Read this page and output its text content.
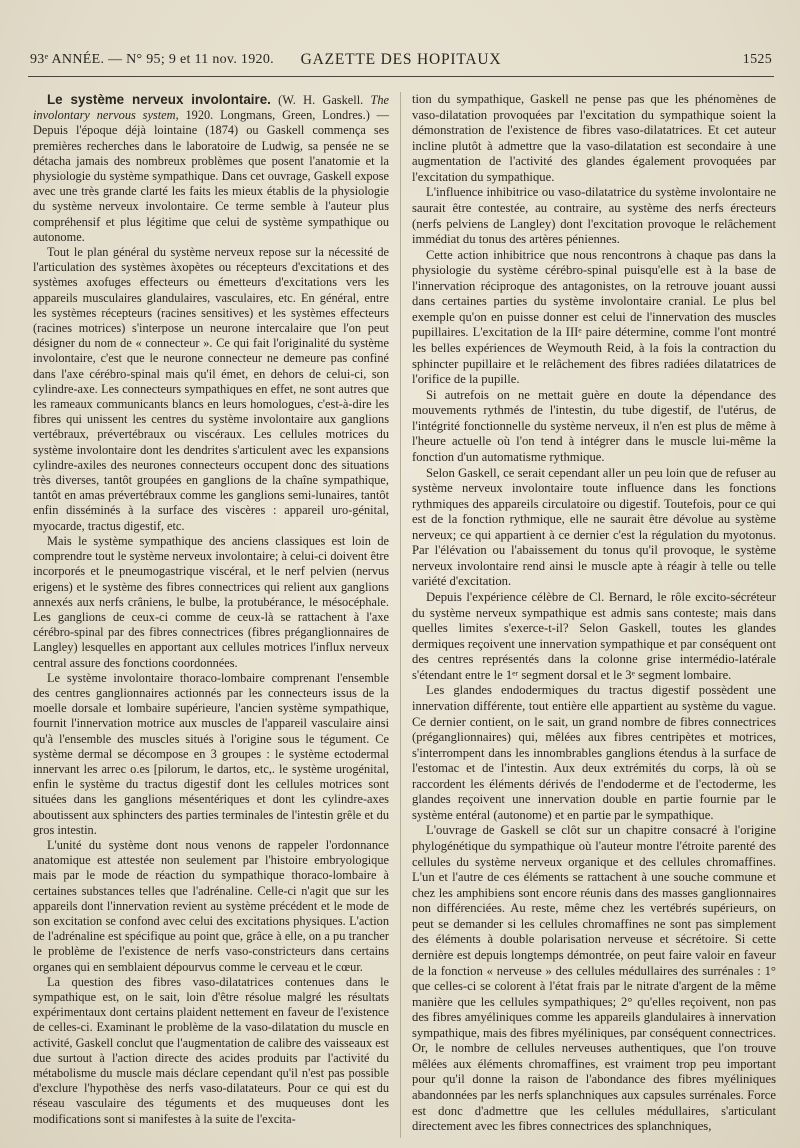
93ᵉ ANNÉE. — N° 95; 9 et 11 nov. 1920.	GAZETTE DES HOPITAUX	1525

Le système nerveux involontaire. (W. H. Gaskell. The involontary nervous system, 1920. Longmans, Green, Londres.) — Depuis l'époque déjà lointaine (1874) ou Gaskell commença ses premières recherches dans le laboratoire de Ludwig, sa pensée ne se détacha jamais des nombreux problèmes que posent l'anatomie et la physiologie du système sympathique. Dans cet ouvrage, Gaskell expose avec une très grande clarté les faits les mieux établis de la physiologie du système nerveux involontaire. Ce terme semble à l'auteur plus compréhensif et plus légitime que celui de système sympathique ou autonome.

Tout le plan général du système nerveux repose sur la nécessité de l'articulation des systèmes àxopètes ou récepteurs d'excitations et des systèmes axofuges effecteurs ou émetteurs d'excitations vers les appareils musculaires glandulaires, vasculaires, etc. En général, entre les systèmes récepteurs (racines sensitives) et les systèmes effecteurs (racines motrices) s'interpose un neurone intercalaire que l'on peut désigner du nom de « connecteur ». Ce qui fait l'originalité du système involontaire, c'est que le neurone connecteur ne demeure pas confiné dans l'axe cérébro-spinal mais qu'il émet, en dehors de celui-ci, son cylindre-axe. Les connecteurs sympathiques en effet, ne sont autres que les rameaux communicants blancs en leurs homologues, c'est-à-dire les fibres qui unissent les centres du système involontaire aux ganglions vertébraux, prévertébraux ou viscéraux. Les cellules motrices du système involontaire dont les dendrites s'articulent avec les expansions cylindre-axiles des neurones connecteurs occupent donc des situations très diverses, tantôt groupées en ganglions de la chaîne sympathique, tantôt en amas prévertébraux comme les ganglions semi-lunaires, tantôt enfin disséminés à la surface des viscères : appareil uro-génital, myocarde, tractus digestif, etc.

Mais le système sympathique des anciens classiques est loin de comprendre tout le système nerveux involontaire; à celui-ci doivent être incorporés et le pneumogastrique viscéral, et le nerf pelvien (nervus erigens) et le système des fibres connectrices qui relient aux ganglions annexés aux nerfs crâniens, le bulbe, la protubérance, le mésocéphale. Les ganglions de ceux-ci comme de ceux-là se rattachent à l'axe cérébro-spinal par des fibres connectrices (fibres préganglionnaires de Langley) lesquelles en apportant aux cellules motrices l'influx nerveux central assure des fonctions coordonnées.

Le système involontaire thoraco-lombaire comprenant l'ensemble des centres ganglionnaires actionnés par les connecteurs issus de la moelle dorsale et lombaire supérieure, l'ancien système sympathique, fournit l'innervation motrice aux muscles de l'appareil vasculaire ainsi qu'à l'ensemble des muscles situés à l'origine sous le tégument. Ce système dermal se décompose en 3 groupes : le système ectodermal innervant les arrec o.es [pilorum, le dartos, etc,. le système urogénital, enfin le système du tractus digestif dont les cellules motrices sont situées dans les ganglions mésentériques et dont les cylindre-axes aboutissent aux sphincters des parties terminales de l'intestin grêle et du gros intestin.

L'unité du système dont nous venons de rappeler l'ordonnance anatomique est attestée non seulement par l'histoire embryologique mais par le mode de réaction du sympathique thoraco-lombaire à certaines substances telles que l'adrénaline. Celle-ci n'agit que sur les appareils dont l'innervation revient au système précédent et le mode de son excitation se confond avec celui des excitations physiques. L'action de l'adrénaline est spécifique au point que, grâce à elle, on a pu trancher le problème de l'existence de nerfs vaso-constricteurs dans certains organes qui en semblaient dépourvus comme le cerveau et le cœur.

La question des fibres vaso-dilatatrices contenues dans le sympathique est, on le sait, loin d'être résolue malgré les résultats expérimentaux dont certains plaident nettement en faveur de l'existence de celles-ci. Examinant le problème de la vaso-dilatation du muscle en activité, Gaskell conclut que l'augmentation de calibre des vaisseaux est due surtout à l'action directe des acides produits par l'activité du métabolisme du muscle mais déclare cependant qu'il n'est pas possible d'exclure l'hypothèse des nerfs vaso-dilatateurs. Pour ce qui est du réseau vasculaire des téguments et des muqueuses dont les modifications sont si manifestes à la suite de l'excita-

tion du sympathique, Gaskell ne pense pas que les phénomènes de vaso-dilatation provoquées par l'excitation du sympathique soient la démonstration de l'existence de fibres vaso-dilatatrices. Et cet auteur incline plutôt à admettre que la vaso-dilatation est secondaire à une augmentation de l'activité des glandes également provoquées par l'excitation du sympathique.

L'influence inhibitrice ou vaso-dilatatrice du système involontaire ne saurait être contestée, au contraire, au système des nerfs érecteurs (nerfs pelviens de Langley) dont l'excitation provoque le relâchement immédiat du tonus des artères péniennes.

Cette action inhibitrice que nous rencontrons à chaque pas dans la physiologie du système cérébro-spinal puisqu'elle est à la base de l'innervation réciproque des antagonistes, on la retrouve jouant aussi dans certaines parties du système involontaire cranial. Le plus bel exemple qu'on en puisse donner est celui de l'innervation des muscles pupillaires. L'excitation de la IIIᵉ paire détermine, comme l'ont montré les belles expériences de Weymouth Reid, à la fois la contraction du sphincter pupillaire et le relâchement des fibres radiées dilatatrices de l'orifice de la pupille.

Si autrefois on ne mettait guère en doute la dépendance des mouvements rythmés de l'intestin, du tube digestif, de l'utérus, de l'intégrité fonctionnelle du système nerveux, il n'en est plus de même à l'heure actuelle où l'on tend à intégrer dans le muscle lui-même la fonction d'un automatisme rythmique.

Selon Gaskell, ce serait cependant aller un peu loin que de refuser au système nerveux involontaire toute influence dans les fonctions rythmiques des appareils circulatoire ou digestif. Toutefois, pour ce qui est de la fonction rythmique, elle ne saurait être dévolue au système nerveux; ce qui appartient à ce dernier c'est la régulation du myotonus. Par l'élévation ou l'abaissement du tonus qu'il provoque, le système nerveux involontaire rend ainsi le muscle apte à réagir à telle ou telle variété d'excitation.

Depuis l'expérience célèbre de Cl. Bernard, le rôle excito-sécréteur du système nerveux sympathique est admis sans conteste; mais dans quelles limites s'exerce-t-il? Selon Gaskell, toutes les glandes dermiques reçoivent une innervation sympathique et par conséquent ont des centres représentés dans la colonne grise intermédio-latérale s'étendant entre le 1ᵉʳ segment dorsal et le 3ᵉ segment lombaire.

Les glandes endodermiques du tractus digestif possèdent une innervation différente, tout entière elle appartient au système du vague. Ce dernier contient, on le sait, un grand nombre de fibres connectrices (préganglionnaires) qui, mêlées aux fibres centripètes et motrices, s'interrompent dans les innombrables ganglions étendus à la surface de l'estomac et de l'intestin. Aux deux extrémités du corps, là où se raccordent les éléments dérivés de l'endoderme et de l'ectoderme, les glandes reçoivent une innervation double en partie fournie par le système entéral (autonome) et en partie par le sympathique.

L'ouvrage de Gaskell se clôt sur un chapitre consacré à l'origine phylogénétique du sympathique où l'auteur montre l'étroite parenté des cellules du système nerveux organique et des cellules chromaffines. L'un et l'autre de ces éléments se rattachent à une souche commune et chez les amphibiens sont encore réunis dans des masses ganglionnaires non différenciées. Au reste, même chez les vertébrés supérieurs, on peut se demander si les cellules chromaffines ne sont pas simplement des éléments à double polarisation nerveuse et sécrétoire. Si cette dernière est depuis longtemps démontrée, on peut faire valoir en faveur de la fonction « nerveuse » des cellules médullaires des surrénales : 1° que celles-ci se colorent à l'état frais par le nitrate d'argent de la même manière que les cellules sympathiques; 2° qu'elles reçoivent, non pas des fibres amyéliniques comme les appareils glandulaires à innervation sympathique, mais des fibres myéliniques, par conséquent connectrices. Or, le nombre de cellules nerveuses authentiques, que l'on trouve mêlées aux éléments chromaffines, est vraiment trop peu important pour qu'il donne la raison de l'abondance des fibres myéliniques abandonnées par les nerfs splanchniques aux capsules surrénales. Force est donc d'admettre que les cellules médullaires, s'articulant directement avec les fibres connectrices des splanchniques,
